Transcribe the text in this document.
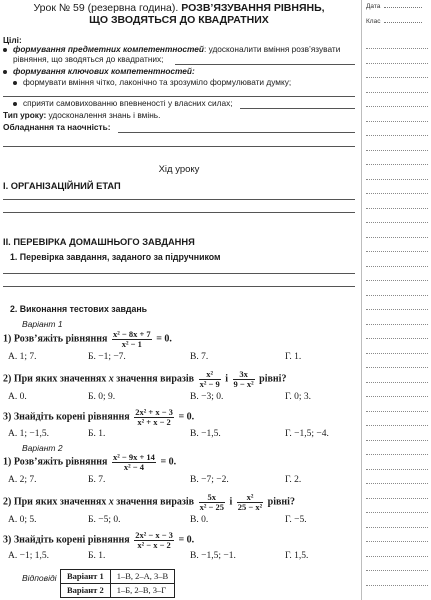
Дата
Клас
Урок № 59 (резервна година). РОЗВ’ЯЗУВАННЯ РІВНЯНЬ,
ЩО ЗВОДЯТЬСЯ ДО КВАДРАТНИХ
Цілі:
формування предметних компетентностей: удосконалити вміння розв’язувати
рівняння, що зводяться до квадратних;
формування ключових компетентностей:
формувати вміння чітко, лаконічно та зрозуміло формулювати думку;
сприяти самовихованню впевненості у власних силах;
Тип уроку: удосконалення знань і вмінь.
Обладнання та наочність:
Хід уроку
I. ОРГАНІЗАЦІЙНИЙ ЕТАП
II. ПЕРЕВІРКА ДОМАШНЬОГО ЗАВДАННЯ
1. Перевірка завдання, заданого за підручником
2. Виконання тестових завдань
Варіант 1
1) Розв’яжіть рівняння $\frac{\text{x² − 8x + 7}}{\text{x² − 1}} = 0$.
А. 1; 7.	Б. −1; −7.	В. 7.	Г. 1.
2) При яких значеннях x значення виразів $\frac{\text{x²}}{\text{x² − 9}}$ і $\frac{3x}{\text{9 − x²}}$ рівні?
А. 0.	Б. 0; 9.	В. −3; 0.	Г. 0; 3.
3) Знайдіть корені рівняння $\frac{\text{2x² + x − 3}}{\text{x² + x − 2}} = 0$.
А. 1; −1,5.	Б. 1.	В. −1,5.	Г. −1,5; −4.
Варіант 2
1) Розв’яжіть рівняння $\frac{\text{x² − 9x + 14}}{\text{x² − 4}} = 0$.
А. 2; 7.	Б. 7.	В. −7; −2.	Г. 2.
2) При яких значеннях x значення виразів $\frac{5x}{\text{x² − 25}}$ і $\frac{\text{x²}}{\text{25 − x²}}$ рівні?
А. 0; 5.	Б. −5; 0.	В. 0.	Г. −5.
3) Знайдіть корені рівняння $\frac{\text{2x² − x − 3}}{\text{x² − x − 2}} = 0$.
А. −1; 1,5.	Б. 1.	В. −1,5; −1.	Г. 1,5.
Відповіді Варіант 1	1–В, 2–А, 3–В
Варіант 2	1–Б, 2–В, 3–Г
